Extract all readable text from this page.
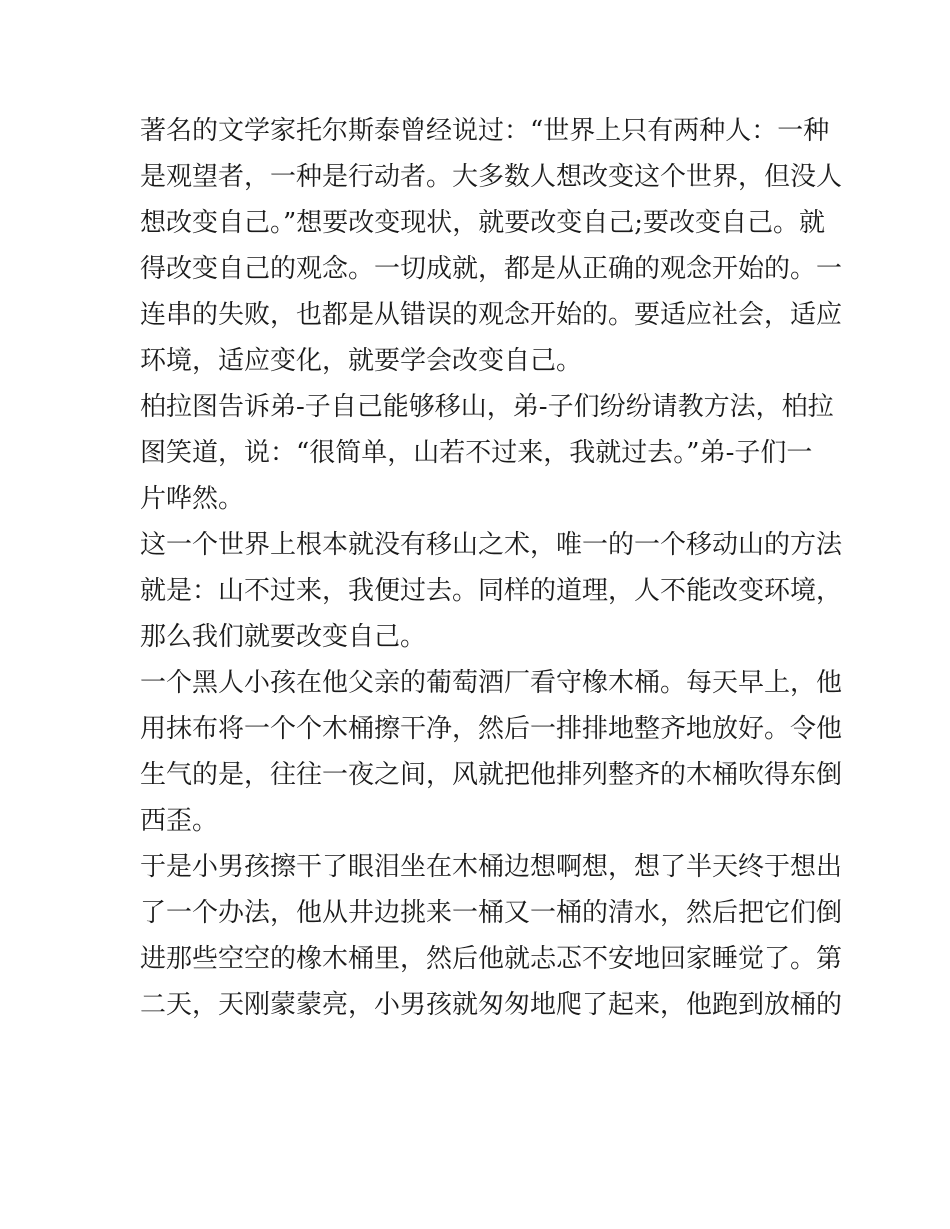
著名的文学家托尔斯泰曾经说过：“世界上只有两种人：一种
是观望者，一种是行动者。大多数人想改变这个世界，但没人
想改变自己。”想要改变现状，就要改变自己;要改变自己。就
得改变自己的观念。一切成就，都是从正确的观念开始的。一
连串的失败，也都是从错误的观念开始的。要适应社会，适应
环境，适应变化，就要学会改变自己。
柏拉图告诉弟-子自己能够移山，弟-子们纷纷请教方法，柏拉
图笑道，说：“很简单，山若不过来，我就过去。”弟-子们一
片哗然。
这一个世界上根本就没有移山之术，唯一的一个移动山的方法
就是：山不过来，我便过去。同样的道理，人不能改变环境，
那么我们就要改变自己。
一个黑人小孩在他父亲的葡萄酒厂看守橡木桶。每天早上，他
用抹布将一个个木桶擦干净，然后一排排地整齐地放好。令他
生气的是，往往一夜之间，风就把他排列整齐的木桶吹得东倒
西歪。
于是小男孩擦干了眼泪坐在木桶边想啊想，想了半天终于想出
了一个办法，他从井边挑来一桶又一桶的清水，然后把它们倒
进那些空空的橡木桶里，然后他就忐忑不安地回家睡觉了。第
二天，天刚蒙蒙亮，小男孩就匆匆地爬了起来，他跑到放桶的
